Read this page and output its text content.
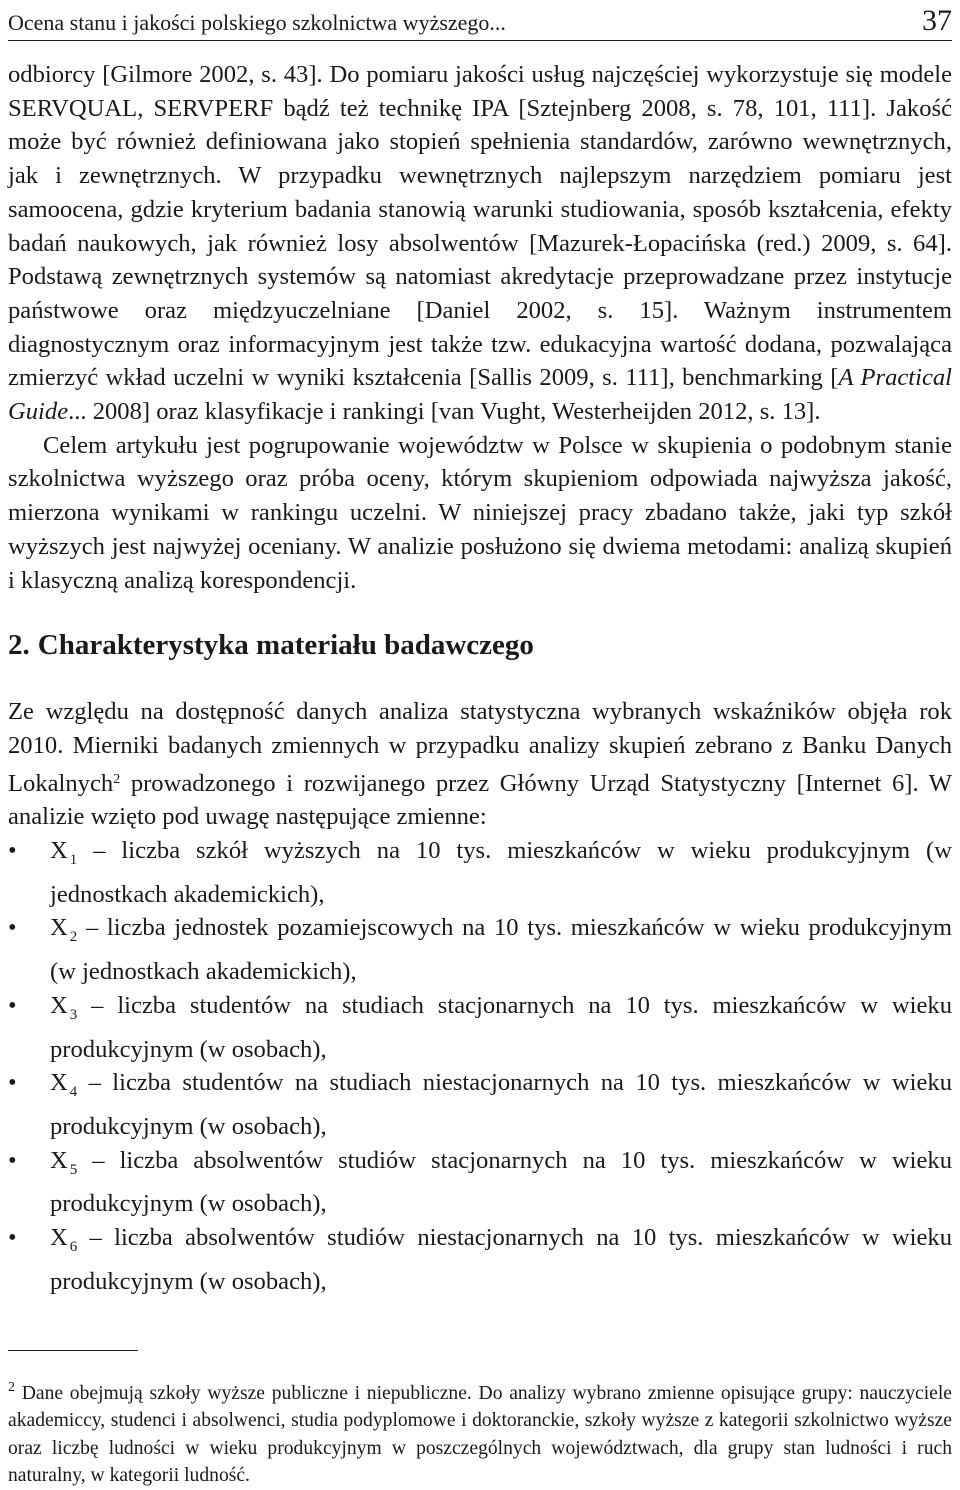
Ocena stanu i jakości polskiego szkolnictwa wyższego...	37

odbiorcy [Gilmore 2002, s. 43]. Do pomiaru jakości usług najczęściej wykorzystuje się modele SERVQUAL, SERVPERF bądź też technikę IPA [Sztejnberg 2008, s. 78, 101, 111]. Jakość może być również definiowana jako stopień spełnienia standardów, zarówno wewnętrznych, jak i zewnętrznych. W przypadku wewnętrznych najlepszym narzędziem pomiaru jest samoocena, gdzie kryterium badania stanowią warunki studiowania, sposób kształcenia, efekty badań naukowych, jak również losy absolwentów [Mazurek-Łopacińska (red.) 2009, s. 64]. Podstawą zewnętrznych systemów są natomiast akredytacje przeprowadzane przez instytucje państwowe oraz międzyuczelniane [Daniel 2002, s. 15]. Ważnym instrumentem diagnostycznym oraz informacyjnym jest także tzw. edukacyjna wartość dodana, pozwalająca zmierzyć wkład uczelni w wyniki kształcenia [Sallis 2009, s. 111], benchmarking [A Practical Guide... 2008] oraz klasyfikacje i rankingi [van Vught, Westerheijden 2012, s. 13].

Celem artykułu jest pogrupowanie województw w Polsce w skupienia o podobnym stanie szkolnictwa wyższego oraz próba oceny, którym skupieniom odpowiada najwyższa jakość, mierzona wynikami w rankingu uczelni. W niniejszej pracy zbadano także, jaki typ szkół wyższych jest najwyżej oceniany. W analizie posłużono się dwiema metodami: analizą skupień i klasyczną analizą korespondencji.

2. Charakterystyka materiału badawczego

Ze względu na dostępność danych analiza statystyczna wybranych wskaźników objęła rok 2010. Mierniki badanych zmiennych w przypadku analizy skupień zebrano z Banku Danych Lokalnych$^2$ prowadzonego i rozwijanego przez Główny Urząd Statystyczny [Internet 6]. W analizie wzięto pod uwagę następujące zmienne:

• X $_1$ – liczba szkół wyższych na 10 tys. mieszkańców w wieku produkcyjnym (w jednostkach akademickich),
• X $_2$ – liczba jednostek pozamiejscowych na 10 tys. mieszkańców w wieku produkcyjnym (w jednostkach akademickich),
• X $_3$ – liczba studentów na studiach stacjonarnych na 10 tys. mieszkańców w wieku produkcyjnym (w osobach),
• X $_4$ – liczba studentów na studiach niestacjonarnych na 10 tys. mieszkańców w wieku produkcyjnym (w osobach),
• X $_5$ – liczba absolwentów studiów stacjonarnych na 10 tys. mieszkańców w wieku produkcyjnym (w osobach),
• X $_6$ – liczba absolwentów studiów niestacjonarnych na 10 tys. mieszkańców w wieku produkcyjnym (w osobach),
$^2$ Dane obejmują szkoły wyższe publiczne i niepubliczne. Do analizy wybrano zmienne opisujące grupy: nauczyciele akademiccy, studenci i absolwenci, studia podyplomowe i doktoranckie, szkoły wyższe z kategorii szkolnictwo wyższe oraz liczbę ludności w wieku produkcyjnym w poszczególnych województwach, dla grupy stan ludności i ruch naturalny, w kategorii ludność.
